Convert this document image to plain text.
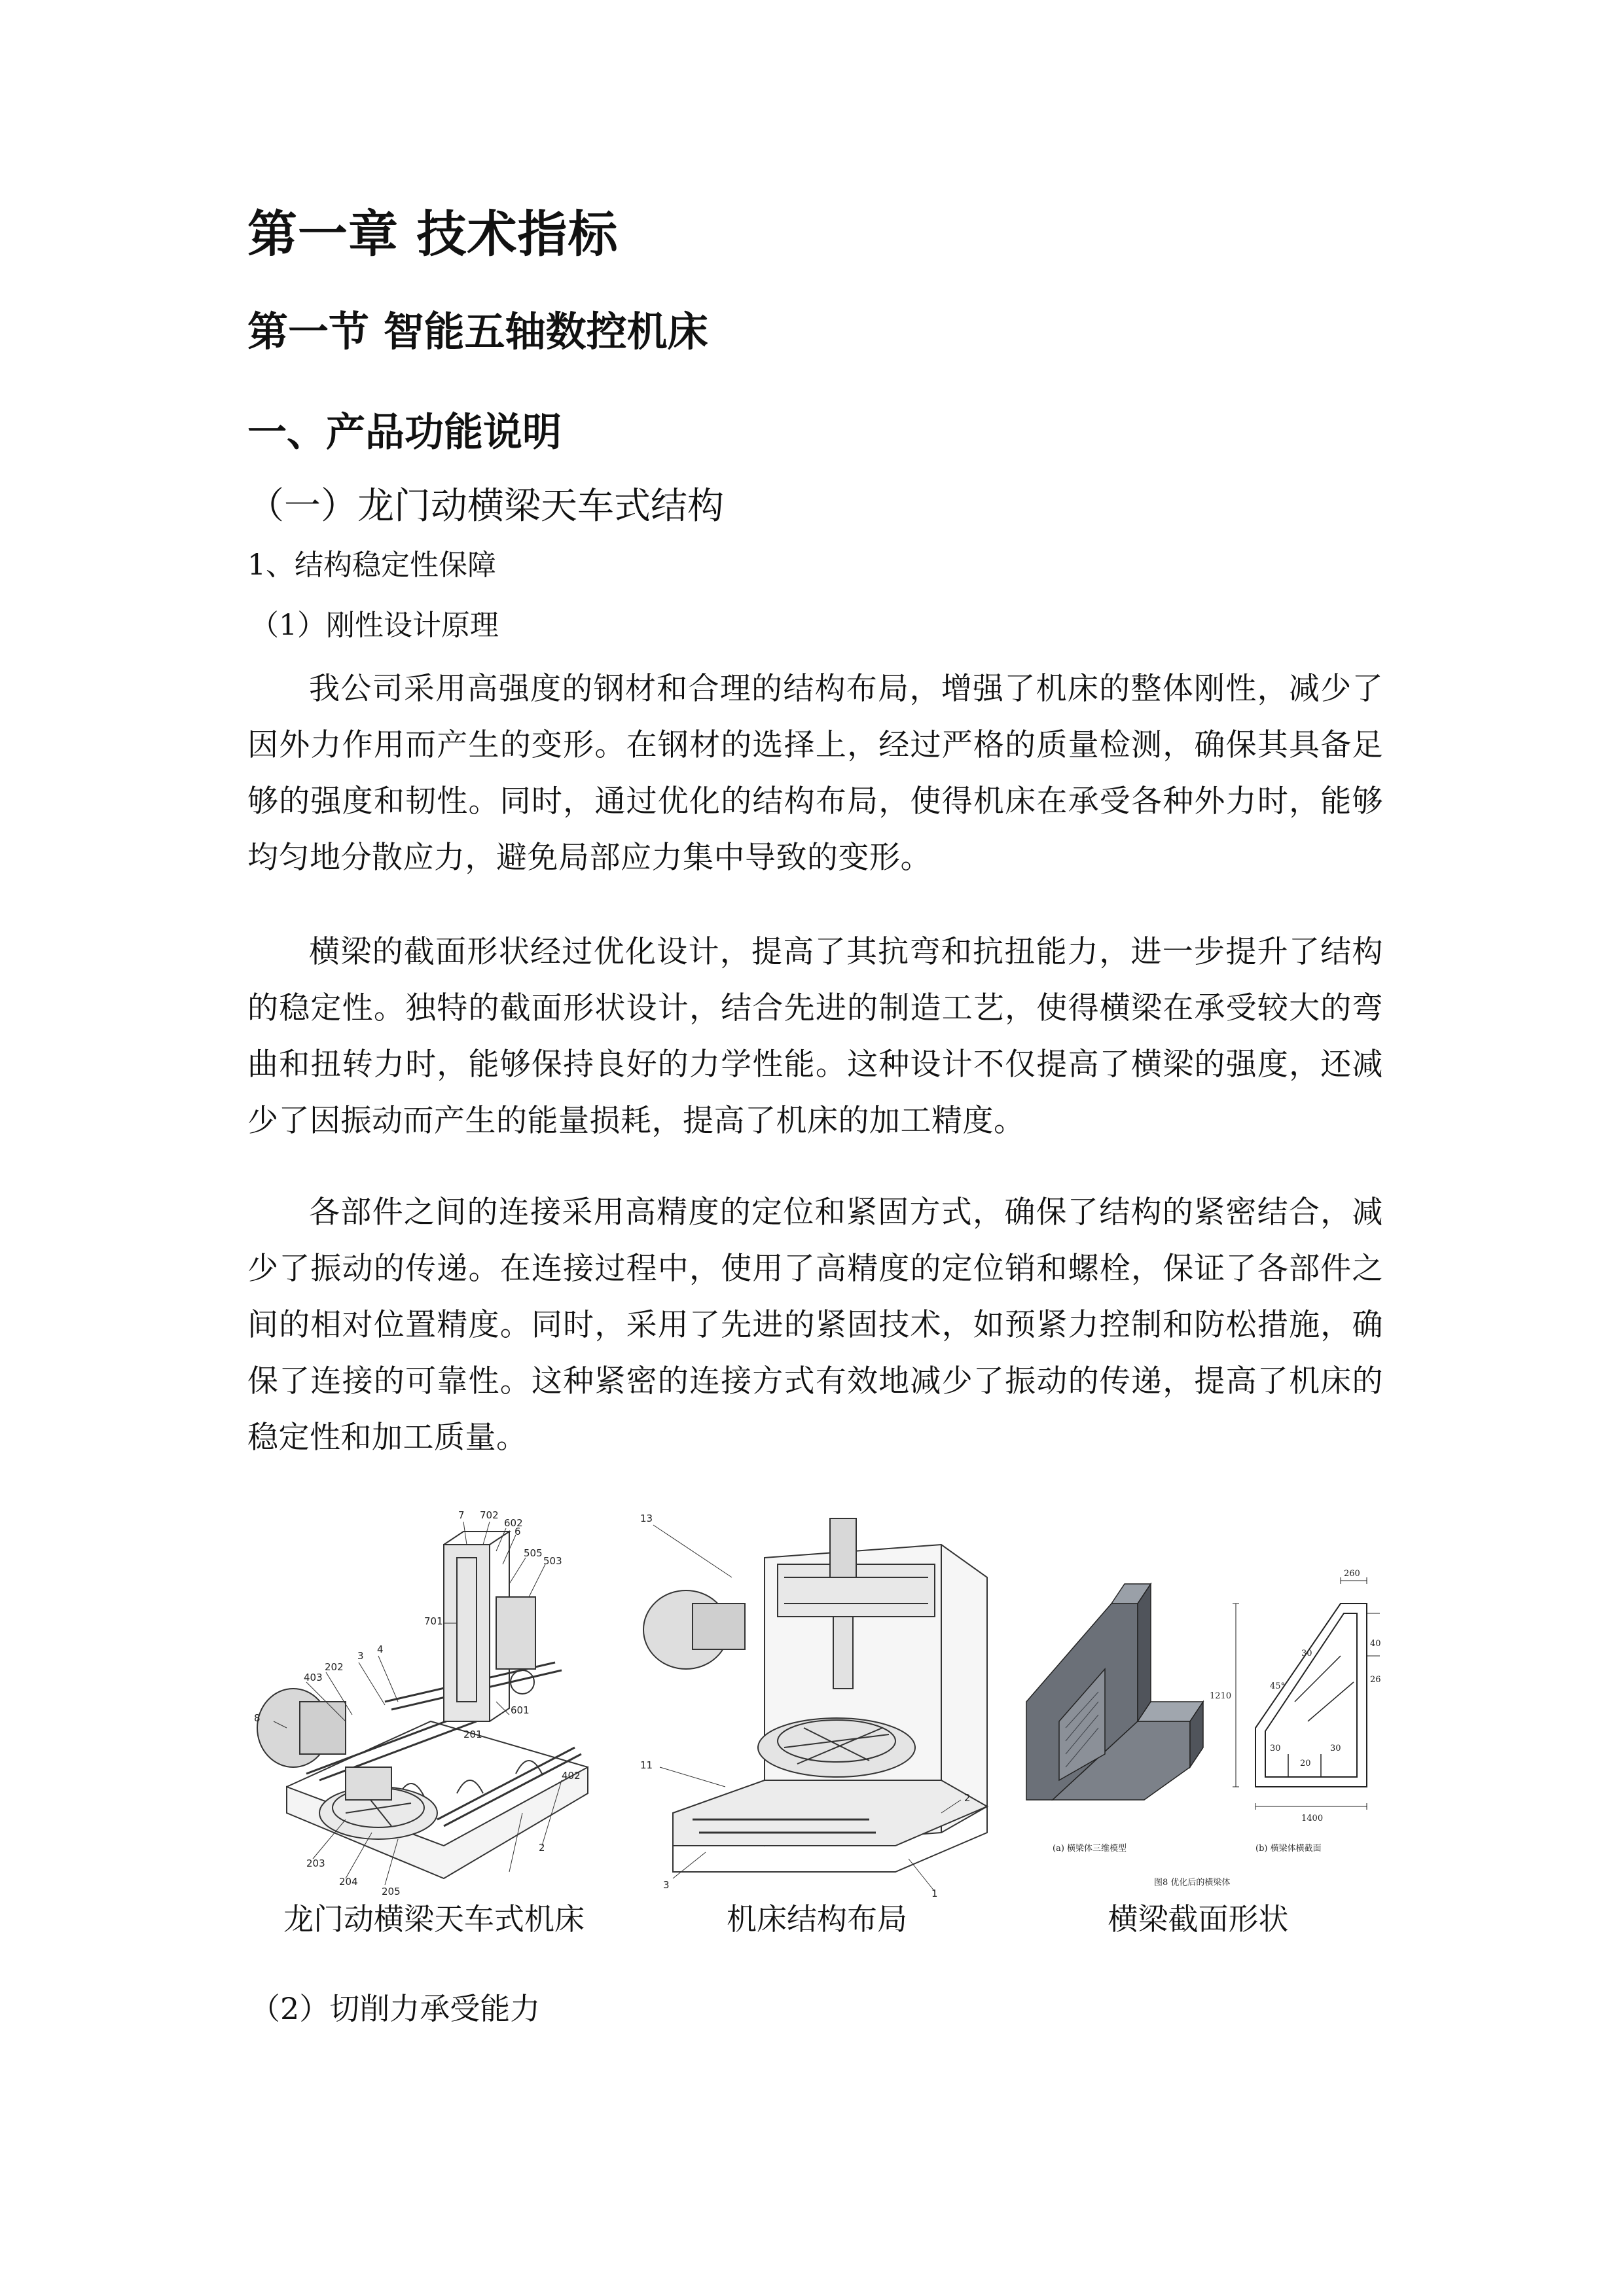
第一章 技术指标
第一节 智能五轴数控机床
一、产品功能说明
（一）龙门动横梁天车式结构
1、结构稳定性保障
（1）刚性设计原理

我公司采用高强度的钢材和合理的结构布局，增强了机床的整体刚性，减少了因外力作用而产生的变形。在钢材的选择上，经过严格的质量检测，确保其具备足够的强度和韧性。同时，通过优化的结构布局，使得机床在承受各种外力时，能够均匀地分散应力，避免局部应力集中导致的变形。

横梁的截面形状经过优化设计，提高了其抗弯和抗扭能力，进一步提升了结构的稳定性。独特的截面形状设计，结合先进的制造工艺，使得横梁在承受较大的弯曲和扭转力时，能够保持良好的力学性能。这种设计不仅提高了横梁的强度，还减少了因振动而产生的能量损耗，提高了机床的加工精度。

各部件之间的连接采用高精度的定位和紧固方式，确保了结构的紧密结合，减少了振动的传递。在连接过程中，使用了高精度的定位销和螺栓，保证了各部件之间的相对位置精度。同时，采用了先进的紧固技术，如预紧力控制和防松措施，确保了连接的可靠性。这种紧密的连接方式有效地减少了振动的传递，提高了机床的稳定性和加工质量。

7 702
602
6
505
503
701
4
3
202
403
601
8
201
402
2
203
204
205
13
11
2
3
1
260
30
45°
40
26
1210
30
20
30
1400
(a) 横梁体三维模型	(b) 横梁体横截面
图8 优化后的横梁体
龙门动横梁天车式机床	机床结构布局	横梁截面形状
（2）切削力承受能力
